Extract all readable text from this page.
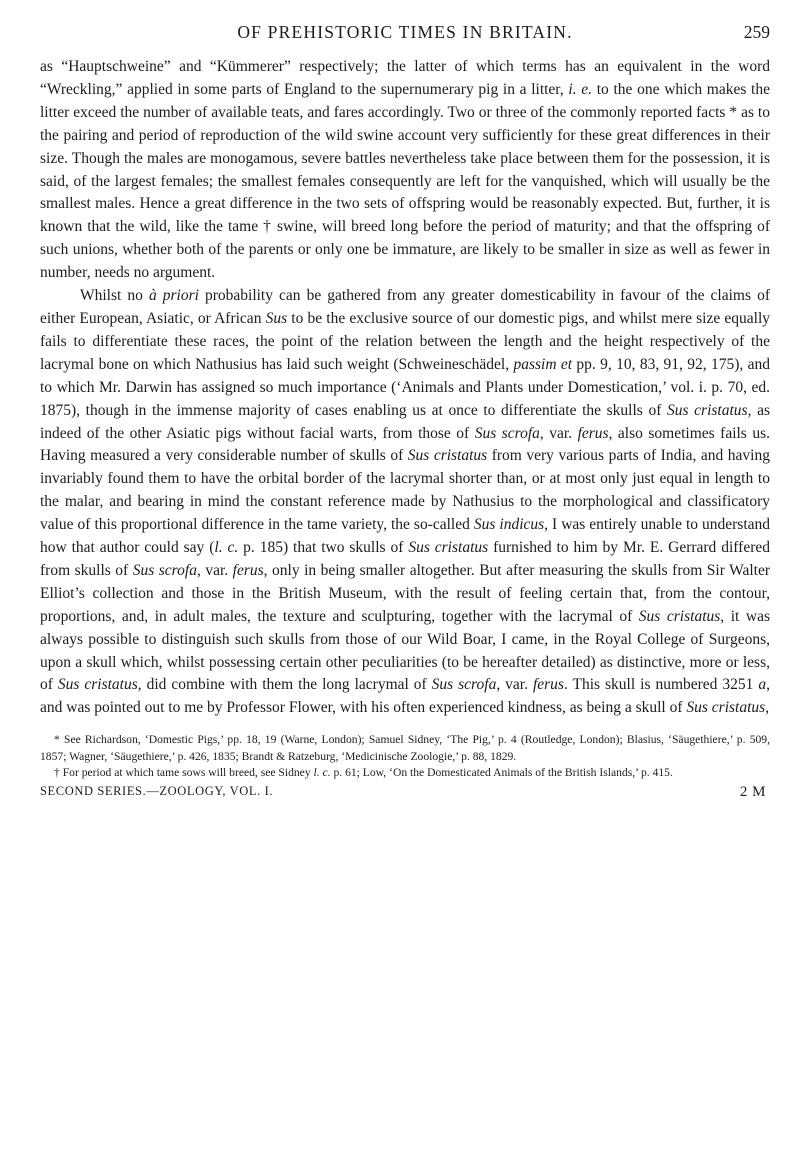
OF PREHISTORIC TIMES IN BRITAIN.	259

as “Hauptschweine” and “Kümmerer” respectively; the latter of which terms has an equivalent in the word “Wreckling,” applied in some parts of England to the supernumerary pig in a litter, i. e. to the one which makes the litter exceed the number of available teats, and fares accordingly. Two or three of the commonly reported facts * as to the pairing and period of reproduction of the wild swine account very sufficiently for these great differences in their size. Though the males are monogamous, severe battles nevertheless take place between them for the possession, it is said, of the largest females; the smallest females consequently are left for the vanquished, which will usually be the smallest males. Hence a great difference in the two sets of offspring would be reasonably expected. But, further, it is known that the wild, like the tame † swine, will breed long before the period of maturity; and that the offspring of such unions, whether both of the parents or only one be immature, are likely to be smaller in size as well as fewer in number, needs no argument.

Whilst no à priori probability can be gathered from any greater domesticability in favour of the claims of either European, Asiatic, or African Sus to be the exclusive source of our domestic pigs, and whilst mere size equally fails to differentiate these races, the point of the relation between the length and the height respectively of the lacrymal bone on which Nathusius has laid such weight (Schweineschädel, passim et pp. 9, 10, 83, 91, 92, 175), and to which Mr. Darwin has assigned so much importance (‘Animals and Plants under Domestication,’ vol. i. p. 70, ed. 1875), though in the immense majority of cases enabling us at once to differentiate the skulls of Sus cristatus, as indeed of the other Asiatic pigs without facial warts, from those of Sus scrofa, var. ferus, also sometimes fails us. Having measured a very considerable number of skulls of Sus cristatus from very various parts of India, and having invariably found them to have the orbital border of the lacrymal shorter than, or at most only just equal in length to the malar, and bearing in mind the constant reference made by Nathusius to the morphological and classificatory value of this proportional difference in the tame variety, the so-called Sus indicus, I was entirely unable to understand how that author could say (l. c. p. 185) that two skulls of Sus cristatus furnished to him by Mr. E. Gerrard differed from skulls of Sus scrofa, var. ferus, only in being smaller altogether. But after measuring the skulls from Sir Walter Elliot’s collection and those in the British Museum, with the result of feeling certain that, from the contour, proportions, and, in adult males, the texture and sculpturing, together with the lacrymal of Sus cristatus, it was always possible to distinguish such skulls from those of our Wild Boar, I came, in the Royal College of Surgeons, upon a skull which, whilst possessing certain other peculiarities (to be hereafter detailed) as distinctive, more or less, of Sus cristatus, did combine with them the long lacrymal of Sus scrofa, var. ferus. This skull is numbered 3251 a, and was pointed out to me by Professor Flower, with his often experienced kindness, as being a skull of Sus cristatus,

* See Richardson, ‘Domestic Pigs,’ pp. 18, 19 (Warne, London); Samuel Sidney, ‘The Pig,’ p. 4 (Routledge, London); Blasius, ‘Säugethiere,’ p. 509, 1857; Wagner, ‘Säugethiere,’ p. 426, 1835; Brandt & Ratzeburg, ‘Medicinische Zoologie,’ p. 88, 1829.

† For period at which tame sows will breed, see Sidney l. c. p. 61; Low, ‘On the Domesticated Animals of the British Islands,’ p. 415.

SECOND SERIES.—ZOOLOGY, VOL. I.	2 M
